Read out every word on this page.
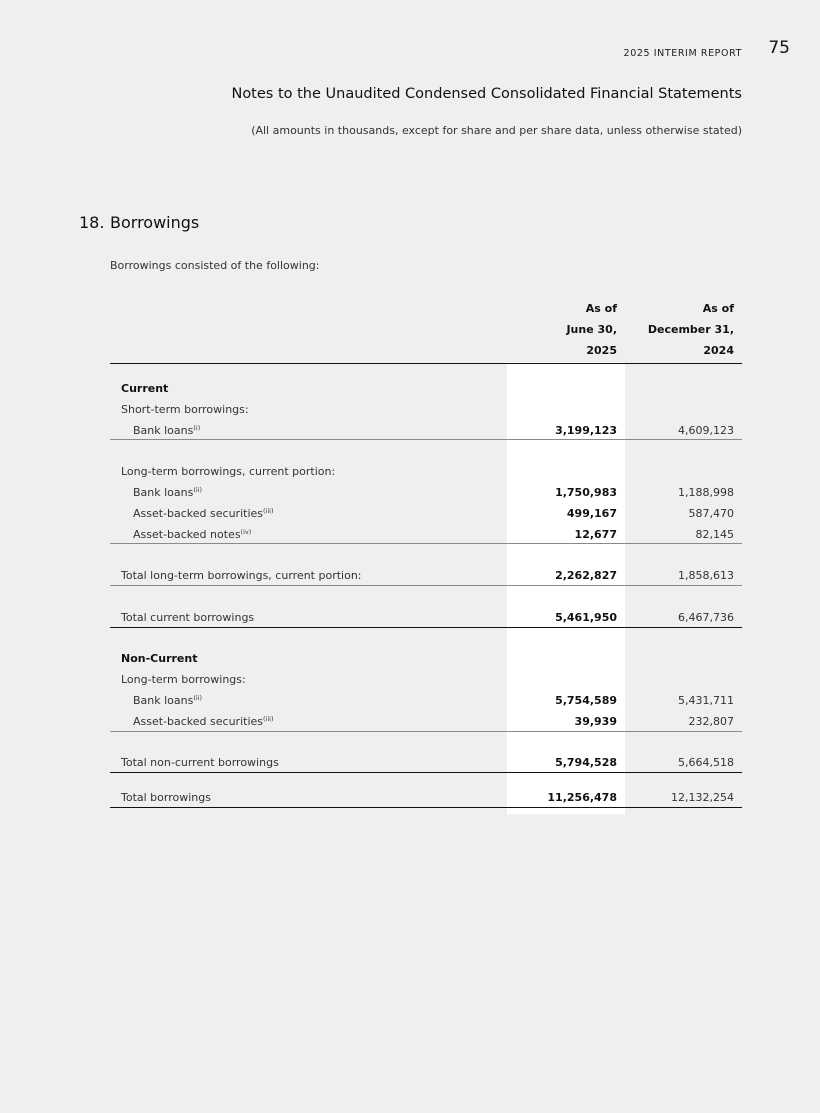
2025 INTERIM REPORT 75
Notes to the Unaudited Condensed Consolidated Financial Statements
(All amounts in thousands, except for share and per share data, unless otherwise stated)
18. Borrowings
Borrowings consisted of the following:
As of	As of
June 30,	December 31,
2025	2024
Current
Short-term borrowings:
Bank loans$^{(i)}$	3,199,123	4,609,123
Long-term borrowings, current portion:
Bank loans$^{(ii)}$	1,750,983	1,188,998
Asset-backed securities$^{(iii)}$	499,167	587,470
Asset-backed notes$^{(iv)}$	12,677	82,145
Total long-term borrowings, current portion:	2,262,827	1,858,613
Total current borrowings	5,461,950	6,467,736
Non-Current
Long-term borrowings:
Bank loans$^{(ii)}$	5,754,589	5,431,711
Asset-backed securities$^{(iii)}$	39,939	232,807
Total non-current borrowings	5,794,528	5,664,518
Total borrowings	11,256,478	12,132,254
